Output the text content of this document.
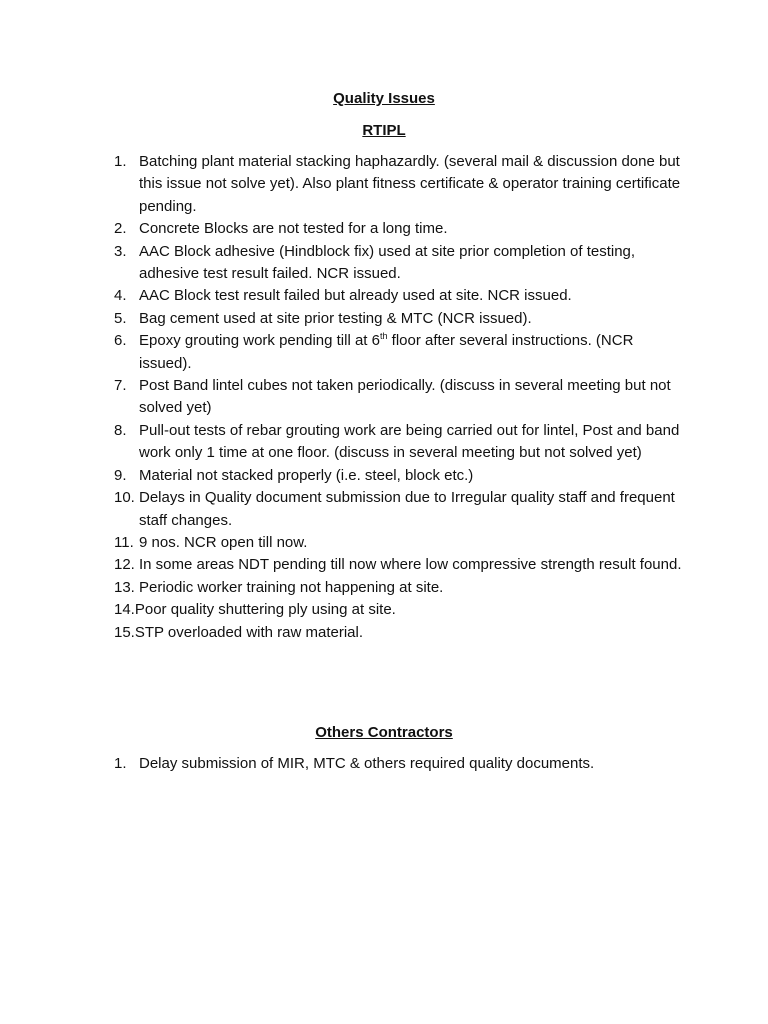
Quality Issues
RTIPL
1. Batching plant material stacking haphazardly. (several mail & discussion done but this issue not solve yet). Also plant fitness certificate & operator training certificate pending.
2. Concrete Blocks are not tested for a long time.
3. AAC Block adhesive (Hindblock fix) used at site prior completion of testing, adhesive test result failed. NCR issued.
4. AAC Block test result failed but already used at site. NCR issued.
5. Bag cement used at site prior testing & MTC (NCR issued).
6. Epoxy grouting work pending till at 6th floor after several instructions. (NCR issued).
7. Post Band lintel cubes not taken periodically. (discuss in several meeting but not solved yet)
8. Pull-out tests of rebar grouting work are being carried out for lintel, Post and band work only 1 time at one floor. (discuss in several meeting but not solved yet)
9. Material not stacked properly (i.e. steel, block etc.)
10. Delays in Quality document submission due to Irregular quality staff and frequent staff changes.
11. 9 nos. NCR open till now.
12. In some areas NDT pending till now where low compressive strength result found.
13. Periodic worker training not happening at site.
14. Poor quality shuttering ply using at site.
15. STP overloaded with raw material.
Others Contractors
1. Delay submission of MIR, MTC & others required quality documents.
